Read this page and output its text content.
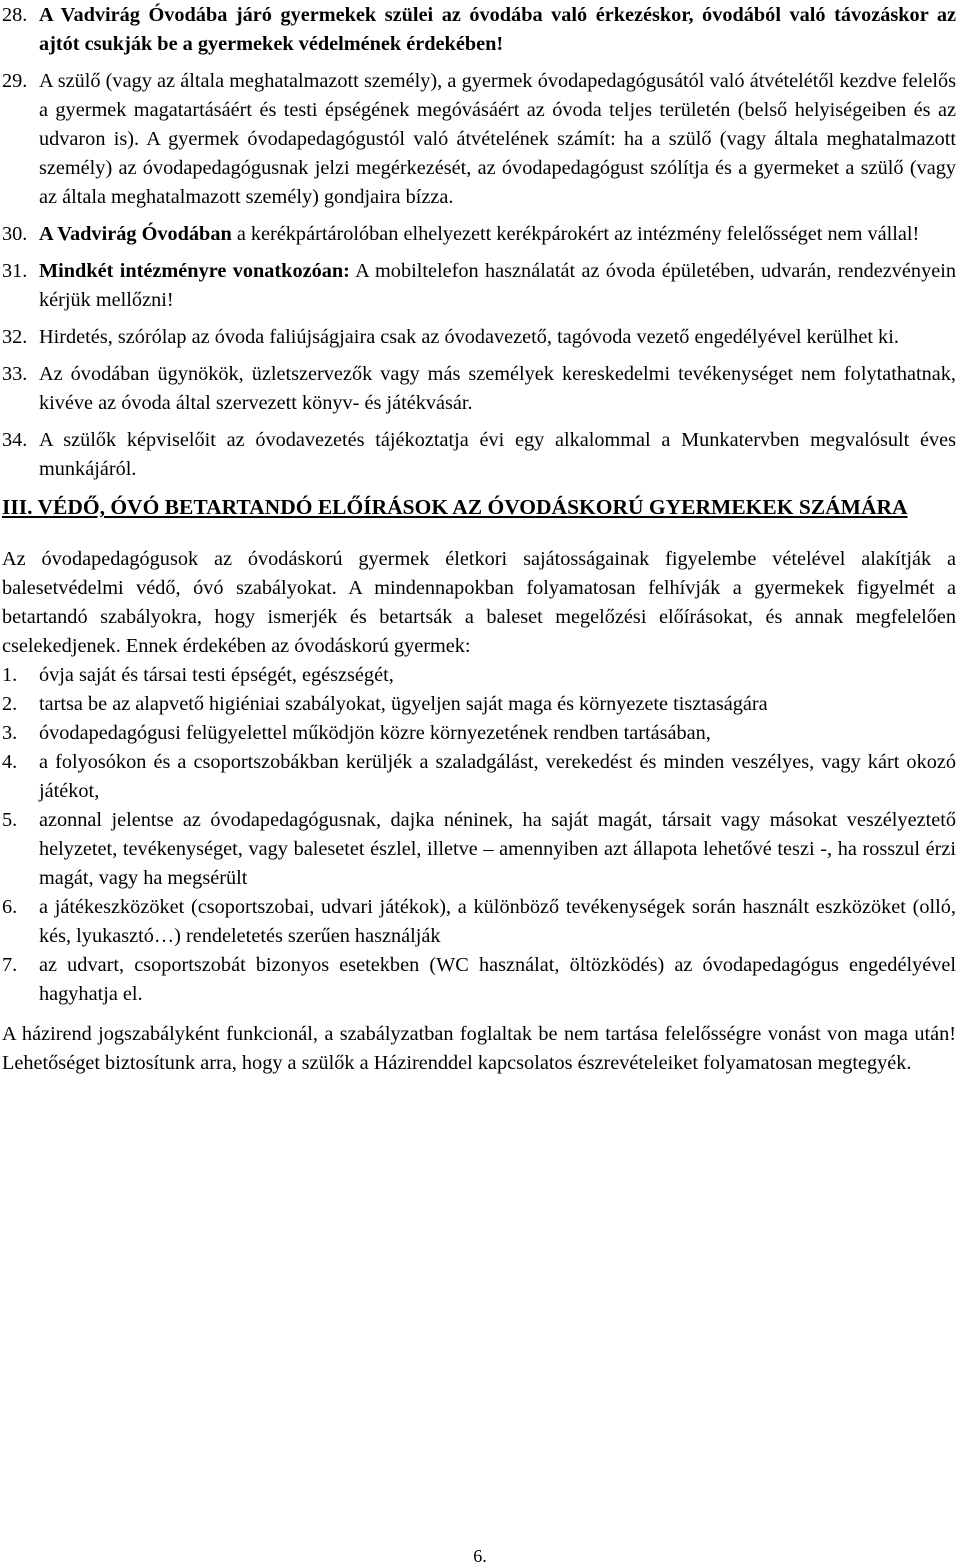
28. A Vadvirág Óvodába járó gyermekek szülei az óvodába való érkezéskor, óvodából való távozáskor az ajtót csukják be a gyermekek védelmének érdekében!
29. A szülő (vagy az általa meghatalmazott személy), a gyermek óvodapedagógusától való átvételétől kezdve felelős a gyermek magatartásáért és testi épségének megóvásáért az óvoda teljes területén (belső helyiségeiben és az udvaron is). A gyermek óvodapedagógustól való átvételének számít: ha a szülő (vagy általa meghatalmazott személy) az óvodapedagógusnak jelzi megérkezését, az óvodapedagógust szólítja és a gyermeket a szülő (vagy az általa meghatalmazott személy) gondjaira bízza.
30. A Vadvirág Óvodában a kerékpártárolóban elhelyezett kerékpárokért az intézmény felelősséget nem vállal!
31. Mindkét intézményre vonatkozóan: A mobiltelefon használatát az óvoda épületében, udvarán, rendezvényein kérjük mellőzni!
32. Hirdetés, szórólap az óvoda faliújságjaira csak az óvodavezető, tagóvoda vezető engedélyével kerülhet ki.
33. Az óvodában ügynökök, üzletszervezők vagy más személyek kereskedelmi tevékenységet nem folytathatnak, kivéve az óvoda által szervezett könyv- és játékvásár.
34. A szülők képviselőit az óvodavezetés tájékoztatja évi egy alkalommal a Munkatervben megvalósult éves munkájáról.

III. VÉDŐ, ÓVÓ BETARTANDÓ ELŐÍRÁSOK AZ ÓVODÁSKORÚ GYERMEKEK SZÁMÁRA

Az óvodapedagógusok az óvodáskorú gyermek életkori sajátosságainak figyelembe vételével alakítják a balesetvédelmi védő, óvó szabályokat. A mindennapokban folyamatosan felhívják a gyermekek figyelmét a betartandó szabályokra, hogy ismerjék és betartsák a baleset megelőzési előírásokat, és annak megfelelően cselekedjenek. Ennek érdekében az óvodáskorú gyermek:

1. óvja saját és társai testi épségét, egészségét,
2. tartsa be az alapvető higiéniai szabályokat, ügyeljen saját maga és környezete tisztaságára
3. óvodapedagógusi felügyelettel működjön közre környezetének rendben tartásában,
4. a folyosókon és a csoportszobákban kerüljék a szaladgálást, verekedést és minden veszélyes, vagy kárt okozó játékot,
5. azonnal jelentse az óvodapedagógusnak, dajka néninek, ha saját magát, társait vagy másokat veszélyeztető helyzetet, tevékenységet, vagy balesetet észlel, illetve – amennyiben azt állapota lehetővé teszi -, ha rosszul érzi magát, vagy ha megsérült
6. a játékeszközöket (csoportszobai, udvari játékok), a különböző tevékenységek során használt eszközöket (olló, kés, lyukasztó…) rendeletetés szerűen használják
7. az udvart, csoportszobát bizonyos esetekben (WC használat, öltözködés) az óvodapedagógus engedélyével hagyhatja el.

A házirend jogszabályként funkcionál, a szabályzatban foglaltak be nem tartása felelősségre vonást von maga után! Lehetőséget biztosítunk arra, hogy a szülők a Házirenddel kapcsolatos észrevételeiket folyamatosan megtegyék.

6.
